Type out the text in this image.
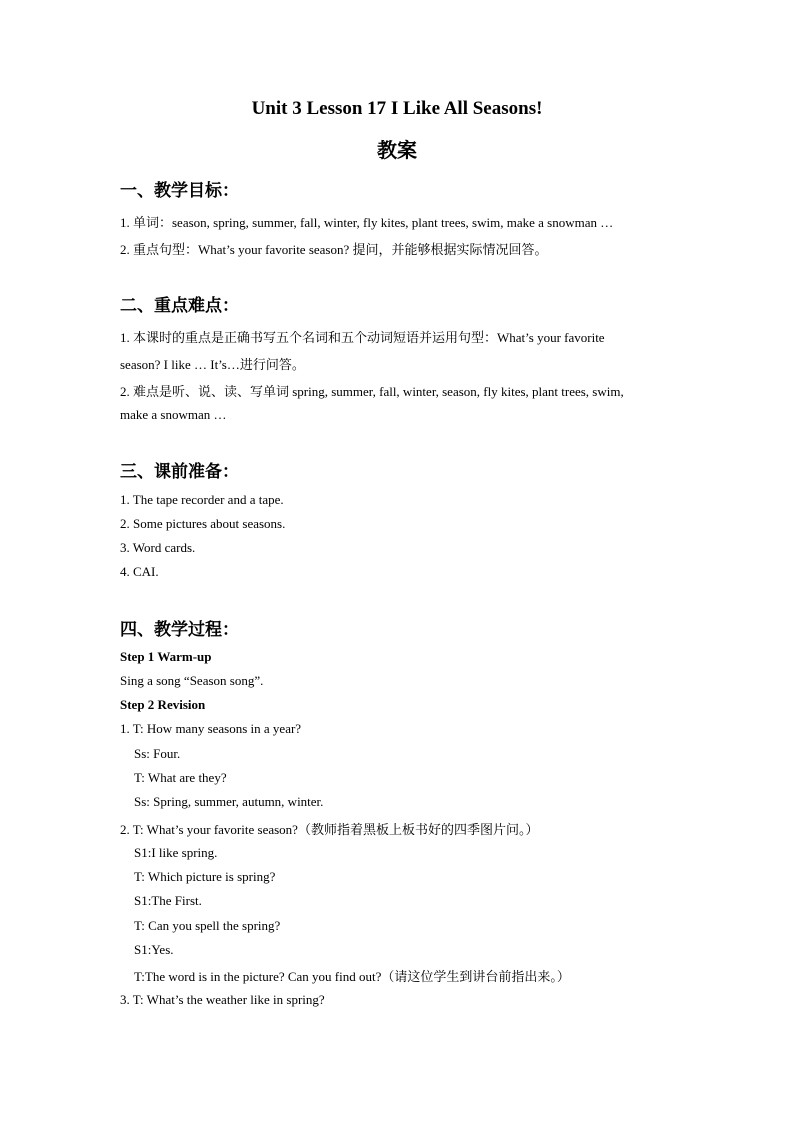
Unit 3 Lesson 17 I Like All Seasons!
教案
一、教学目标：
1. 单词：season, spring, summer, fall, winter, fly kites, plant trees, swim, make a snowman …
2. 重点句型：What’s your favorite season? 提问，并能够根据实际情况回答。
二、重点难点：
1. 本课时的重点是正确书写五个名词和五个动词短语并运用句型：What’s your favorite
season? I like … It’s…进行问答。
2. 难点是听、说、读、写单词 spring, summer, fall, winter, season, fly kites, plant trees, swim,
make a snowman …
三、课前准备：
1. The tape recorder and a tape.
2. Some pictures about seasons.
3. Word cards.
4. CAI.
四、教学过程：
Step 1 Warm-up
Sing a song “Season song”.
Step 2 Revision
1. T: How many seasons in a year?
Ss: Four.
T: What are they?
Ss: Spring, summer, autumn, winter.
2. T: What’s your favorite season?（教师指着黑板上板书好的四季图片问。）
S1:I like spring.
T: Which picture is spring?
S1:The First.
T: Can you spell the spring?
S1:Yes.
T:The word is in the picture? Can you find out?（请这位学生到讲台前指出来。）
3. T: What’s the weather like in spring?
